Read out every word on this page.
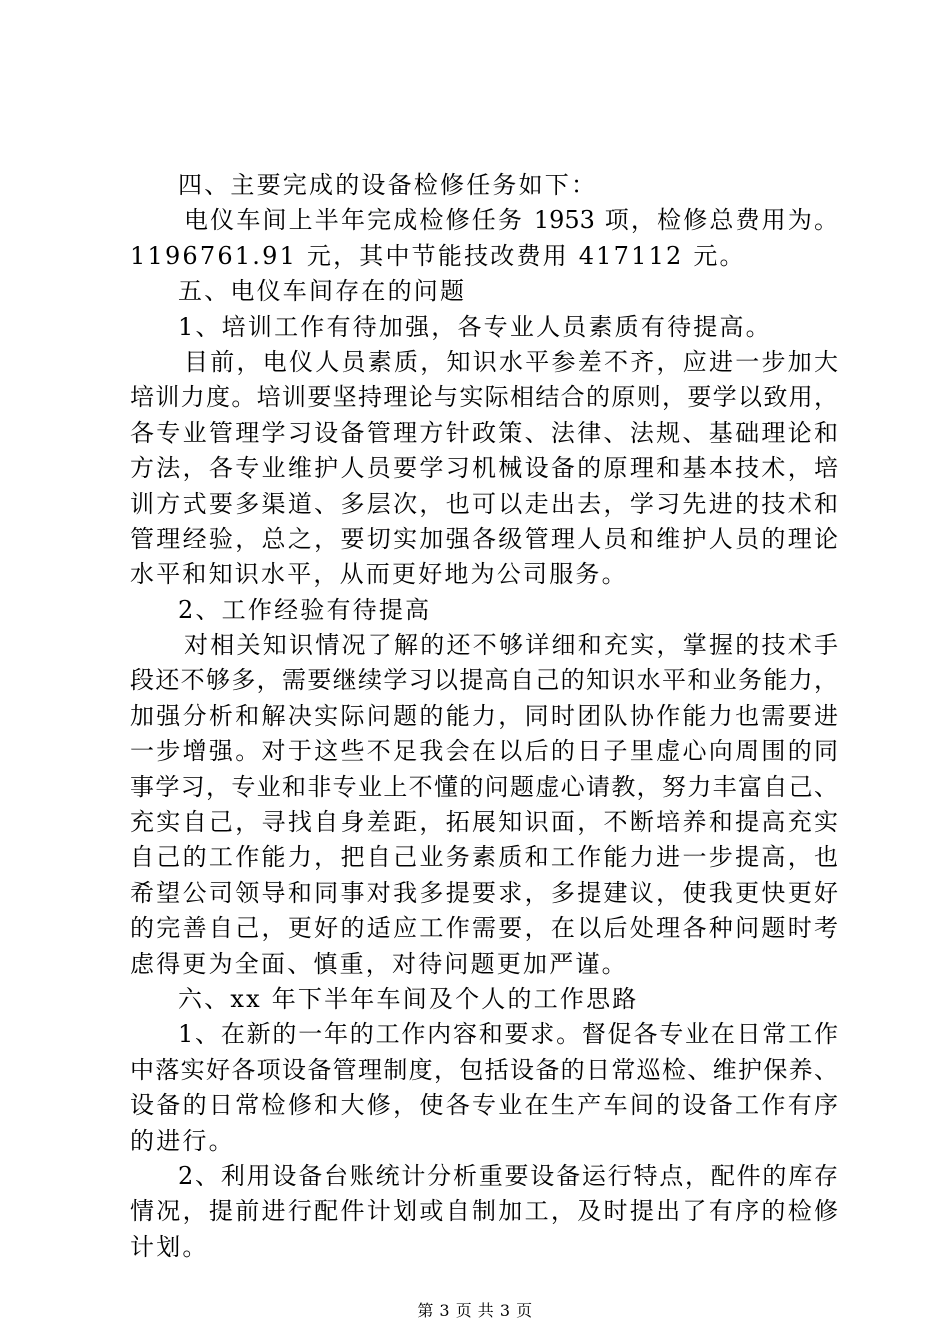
四、主要完成的设备检修任务如下：
电仪车间上半年完成检修任务 1953 项，检修总费用为。
1196761.91 元，其中节能技改费用 417112 元。
五、电仪车间存在的问题
1、培训工作有待加强，各专业人员素质有待提高。
目前，电仪人员素质，知识水平参差不齐，应进一步加大
培训力度。培训要坚持理论与实际相结合的原则，要学以致用，
各专业管理学习设备管理方针政策、法律、法规、基础理论和
方法，各专业维护人员要学习机械设备的原理和基本技术，培
训方式要多渠道、多层次，也可以走出去，学习先进的技术和
管理经验，总之，要切实加强各级管理人员和维护人员的理论
水平和知识水平，从而更好地为公司服务。
2、工作经验有待提高
对相关知识情况了解的还不够详细和充实，掌握的技术手
段还不够多，需要继续学习以提高自己的知识水平和业务能力，
加强分析和解决实际问题的能力，同时团队协作能力也需要进
一步增强。对于这些不足我会在以后的日子里虚心向周围的同
事学习，专业和非专业上不懂的问题虚心请教，努力丰富自己、
充实自己，寻找自身差距，拓展知识面，不断培养和提高充实
自己的工作能力，把自己业务素质和工作能力进一步提高，也
希望公司领导和同事对我多提要求，多提建议，使我更快更好
的完善自己，更好的适应工作需要，在以后处理各种问题时考
虑得更为全面、慎重，对待问题更加严谨。
六、xx 年下半年车间及个人的工作思路
1、在新的一年的工作内容和要求。督促各专业在日常工作
中落实好各项设备管理制度，包括设备的日常巡检、维护保养、
设备的日常检修和大修，使各专业在生产车间的设备工作有序
的进行。
2、利用设备台账统计分析重要设备运行特点，配件的库存
情况，提前进行配件计划或自制加工，及时提出了有序的检修
计划。
第 3 页 共 3 页
